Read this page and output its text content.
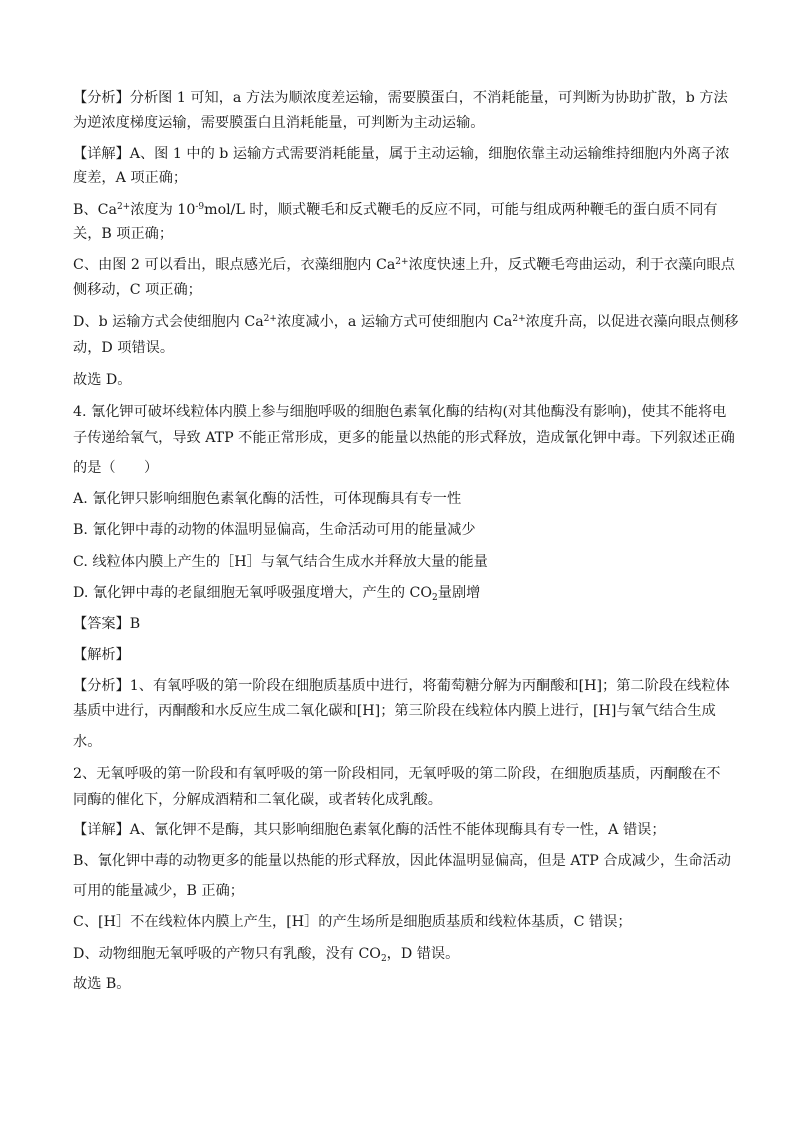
【分析】分析图 1 可知，a 方法为顺浓度差运输，需要膜蛋白，不消耗能量，可判断为协助扩散，b 方法
为逆浓度梯度运输，需要膜蛋白且消耗能量，可判断为主动运输。
【详解】A、图 1 中的 b 运输方式需要消耗能量，属于主动运输，细胞依靠主动运输维持细胞内外离子浓
度差，A 项正确；
B、$Ca^{2+}$浓度为 $10^{-9}mol/L$ 时，顺式鞭毛和反式鞭毛的反应不同，可能与组成两种鞭毛的蛋白质不同有
关，B 项正确；
C、由图 2 可以看出，眼点感光后，衣藻细胞内 $Ca^{2+}$浓度快速上升，反式鞭毛弯曲运动，利于衣藻向眼点
侧移动，C 项正确；
D、b 运输方式会使细胞内 $Ca^{2+}$浓度减小，a 运输方式可使细胞内 $Ca^{2+}$浓度升高，以促进衣藻向眼点侧移
动，D 项错误。
故选 D。
4. 氰化钾可破坏线粒体内膜上参与细胞呼吸的细胞色素氧化酶的结构(对其他酶没有影响)，使其不能将电
子传递给氧气，导致 ATP 不能正常形成，更多的能量以热能的形式释放，造成氰化钾中毒。下列叙述正确
的是（　　）
A. 氰化钾只影响细胞色素氧化酶的活性，可体现酶具有专一性
B. 氰化钾中毒的动物的体温明显偏高，生命活动可用的能量减少
C. 线粒体内膜上产生的［H］与氧气结合生成水并释放大量的能量
D. 氰化钾中毒的老鼠细胞无氧呼吸强度增大，产生的 $CO_2$量剧增
【答案】B
【解析】
【分析】1、有氧呼吸的第一阶段在细胞质基质中进行，将葡萄糖分解为丙酮酸和[H]；第二阶段在线粒体
基质中进行，丙酮酸和水反应生成二氧化碳和[H]；第三阶段在线粒体内膜上进行，[H]与氧气结合生成
水。
2、无氧呼吸的第一阶段和有氧呼吸的第一阶段相同，无氧呼吸的第二阶段，在细胞质基质，丙酮酸在不
同酶的催化下，分解成酒精和二氧化碳，或者转化成乳酸。
【详解】A、氰化钾不是酶，其只影响细胞色素氧化酶的活性不能体现酶具有专一性，A 错误；
B、氰化钾中毒的动物更多的能量以热能的形式释放，因此体温明显偏高，但是 ATP 合成减少，生命活动
可用的能量减少，B 正确；
C、[H］不在线粒体内膜上产生，[H］的产生场所是细胞质基质和线粒体基质，C 错误；
D、动物细胞无氧呼吸的产物只有乳酸，没有 $CO_2$，D 错误。
故选 B。
